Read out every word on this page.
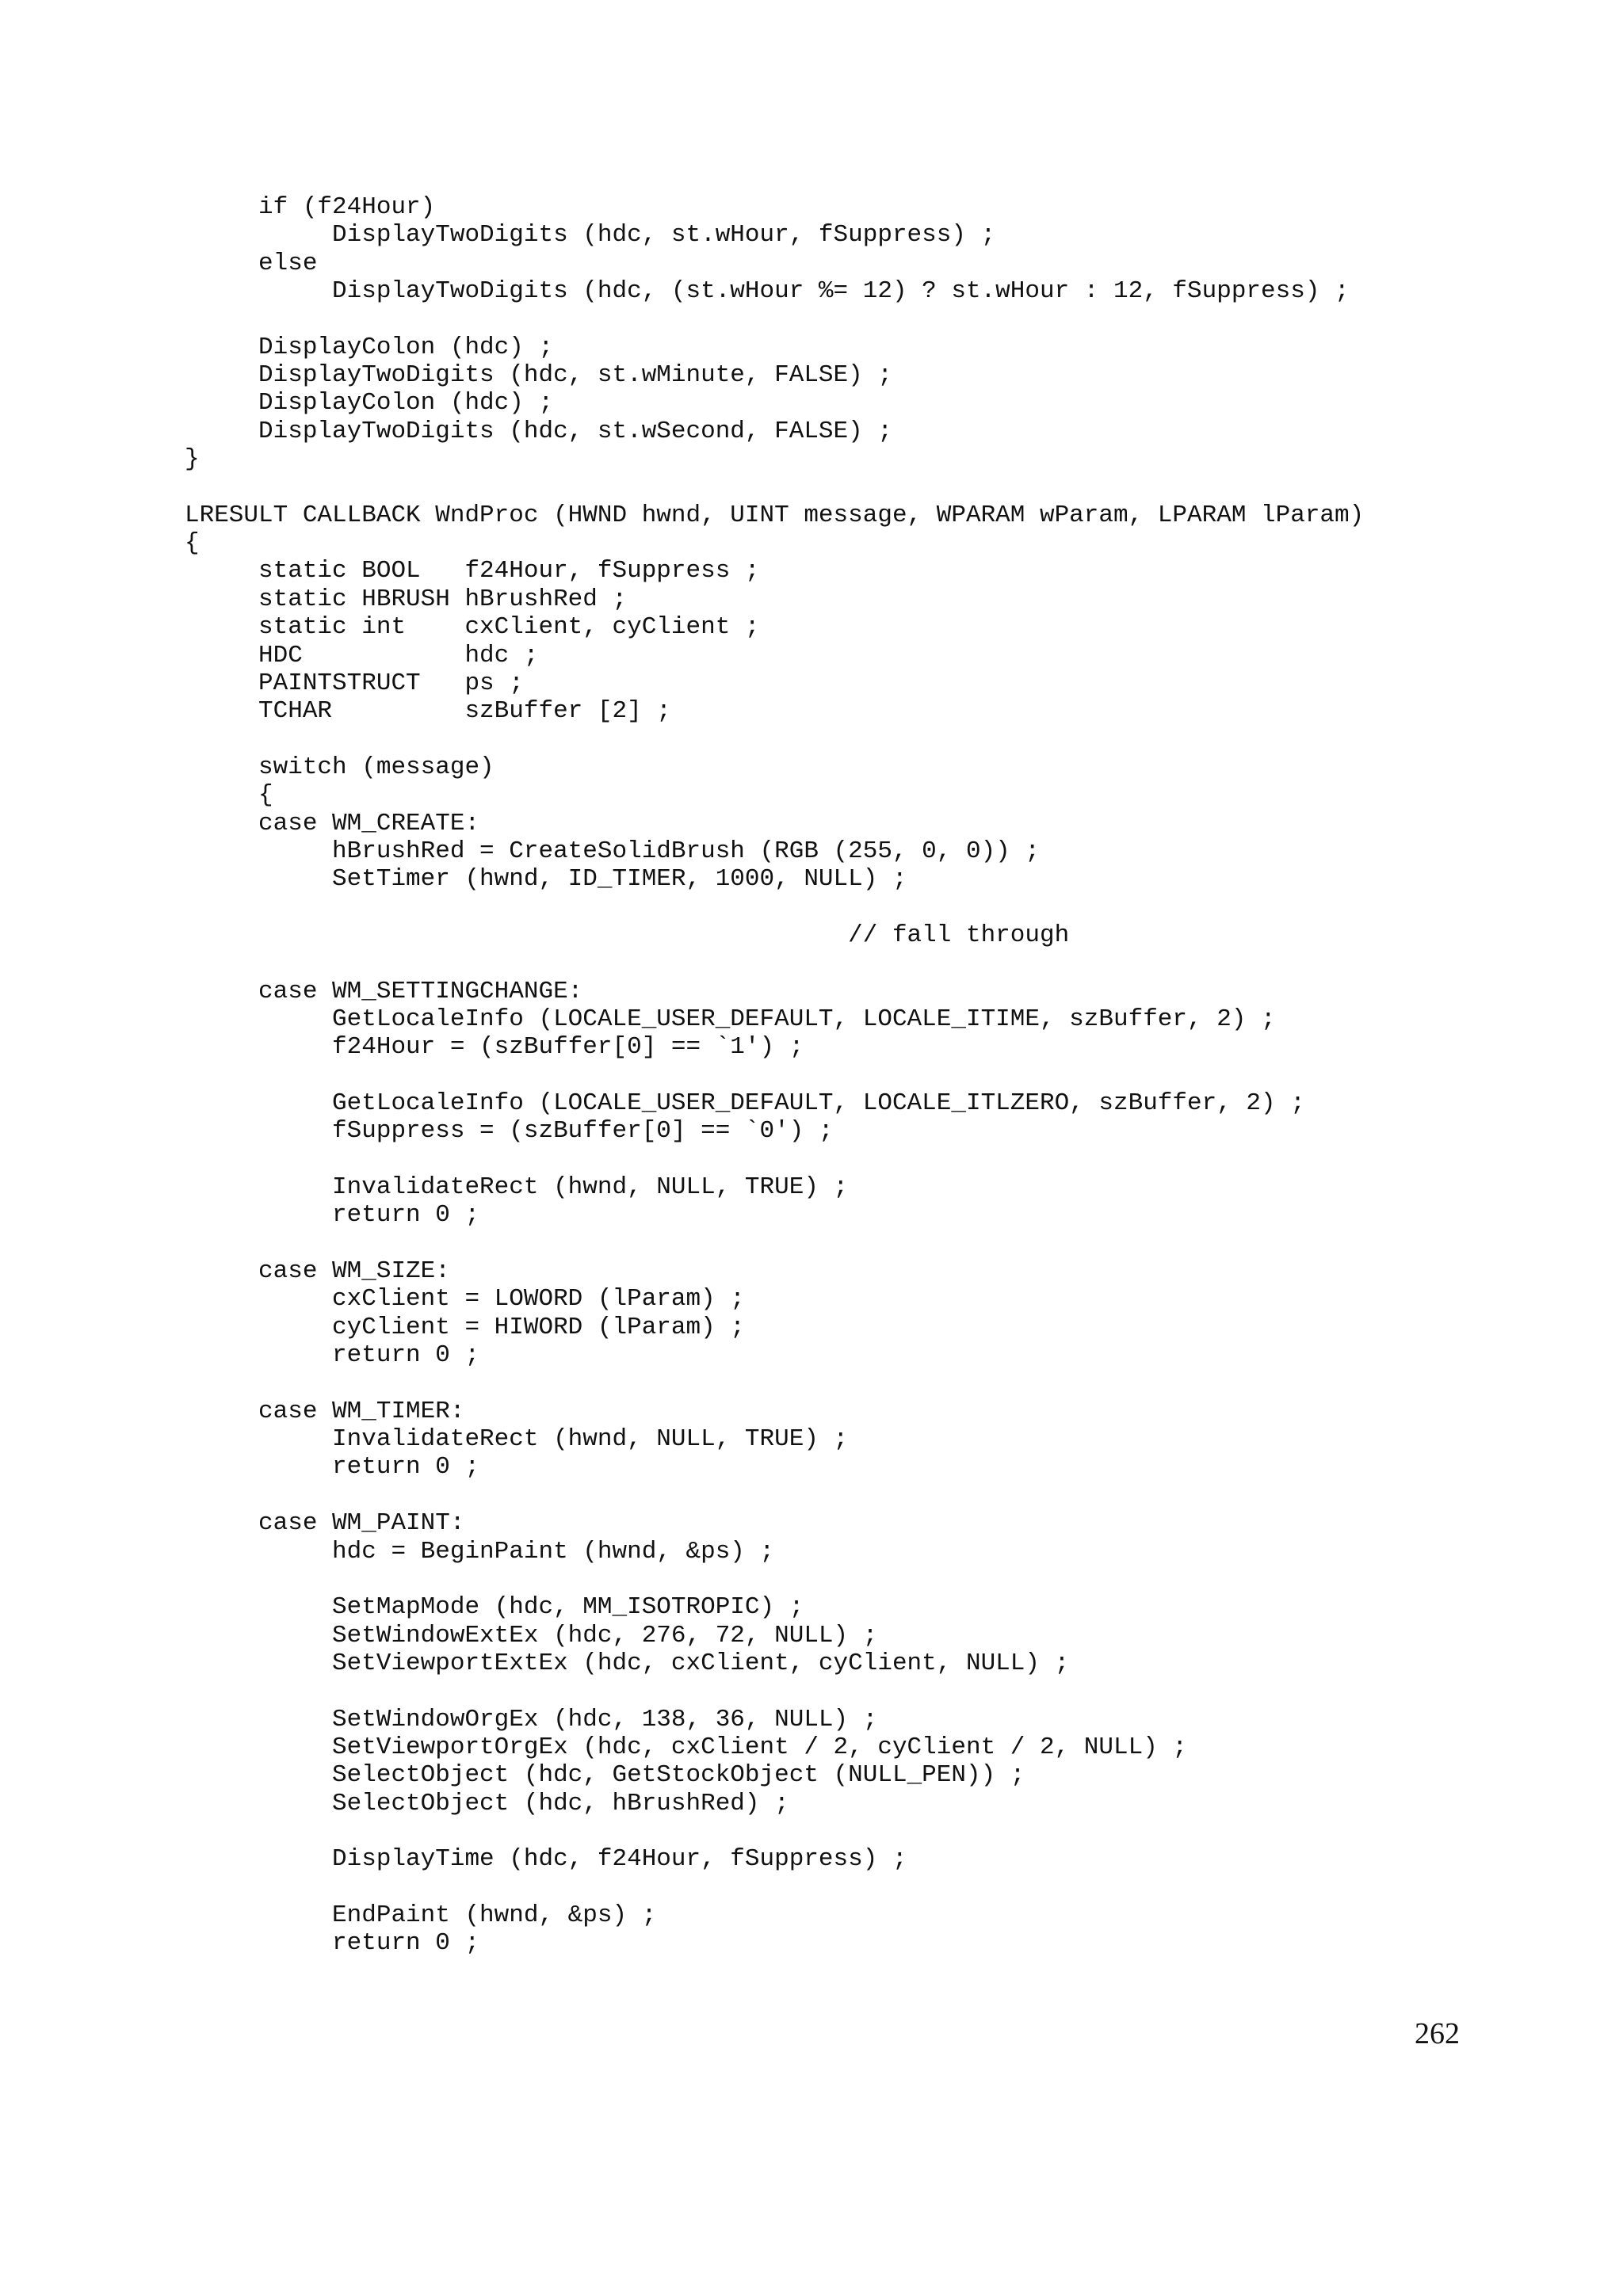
if (f24Hour)
DisplayTwoDigits (hdc, st.wHour, fSuppress) ;
else
DisplayTwoDigits (hdc, (st.wHour %= 12) ? st.wHour : 12, fSuppress) ;
DisplayColon (hdc) ;
DisplayTwoDigits (hdc, st.wMinute, FALSE) ;
DisplayColon (hdc) ;
DisplayTwoDigits (hdc, st.wSecond, FALSE) ;
}
LRESULT CALLBACK WndProc (HWND hwnd, UINT message, WPARAM wParam, LPARAM lParam)
{
static BOOL   f24Hour, fSuppress ;
static HBRUSH hBrushRed ;
static int    cxClient, cyClient ;
HDC           hdc ;
PAINTSTRUCT   ps ;
TCHAR         szBuffer [2] ;
switch (message)
{
case WM_CREATE:
hBrushRed = CreateSolidBrush (RGB (255, 0, 0)) ;
SetTimer (hwnd, ID_TIMER, 1000, NULL) ;
// fall through
case WM_SETTINGCHANGE:
GetLocaleInfo (LOCALE_USER_DEFAULT, LOCALE_ITIME, szBuffer, 2) ;
f24Hour = (szBuffer[0] == `1') ;
GetLocaleInfo (LOCALE_USER_DEFAULT, LOCALE_ITLZERO, szBuffer, 2) ;
fSuppress = (szBuffer[0] == `0') ;
InvalidateRect (hwnd, NULL, TRUE) ;
return 0 ;
case WM_SIZE:
cxClient = LOWORD (lParam) ;
cyClient = HIWORD (lParam) ;
return 0 ;
case WM_TIMER:
InvalidateRect (hwnd, NULL, TRUE) ;
return 0 ;
case WM_PAINT:
hdc = BeginPaint (hwnd, &ps) ;
SetMapMode (hdc, MM_ISOTROPIC) ;
SetWindowExtEx (hdc, 276, 72, NULL) ;
SetViewportExtEx (hdc, cxClient, cyClient, NULL) ;
SetWindowOrgEx (hdc, 138, 36, NULL) ;
SetViewportOrgEx (hdc, cxClient / 2, cyClient / 2, NULL) ;
SelectObject (hdc, GetStockObject (NULL_PEN)) ;
SelectObject (hdc, hBrushRed) ;
DisplayTime (hdc, f24Hour, fSuppress) ;
EndPaint (hwnd, &ps) ;
return 0 ;
262
